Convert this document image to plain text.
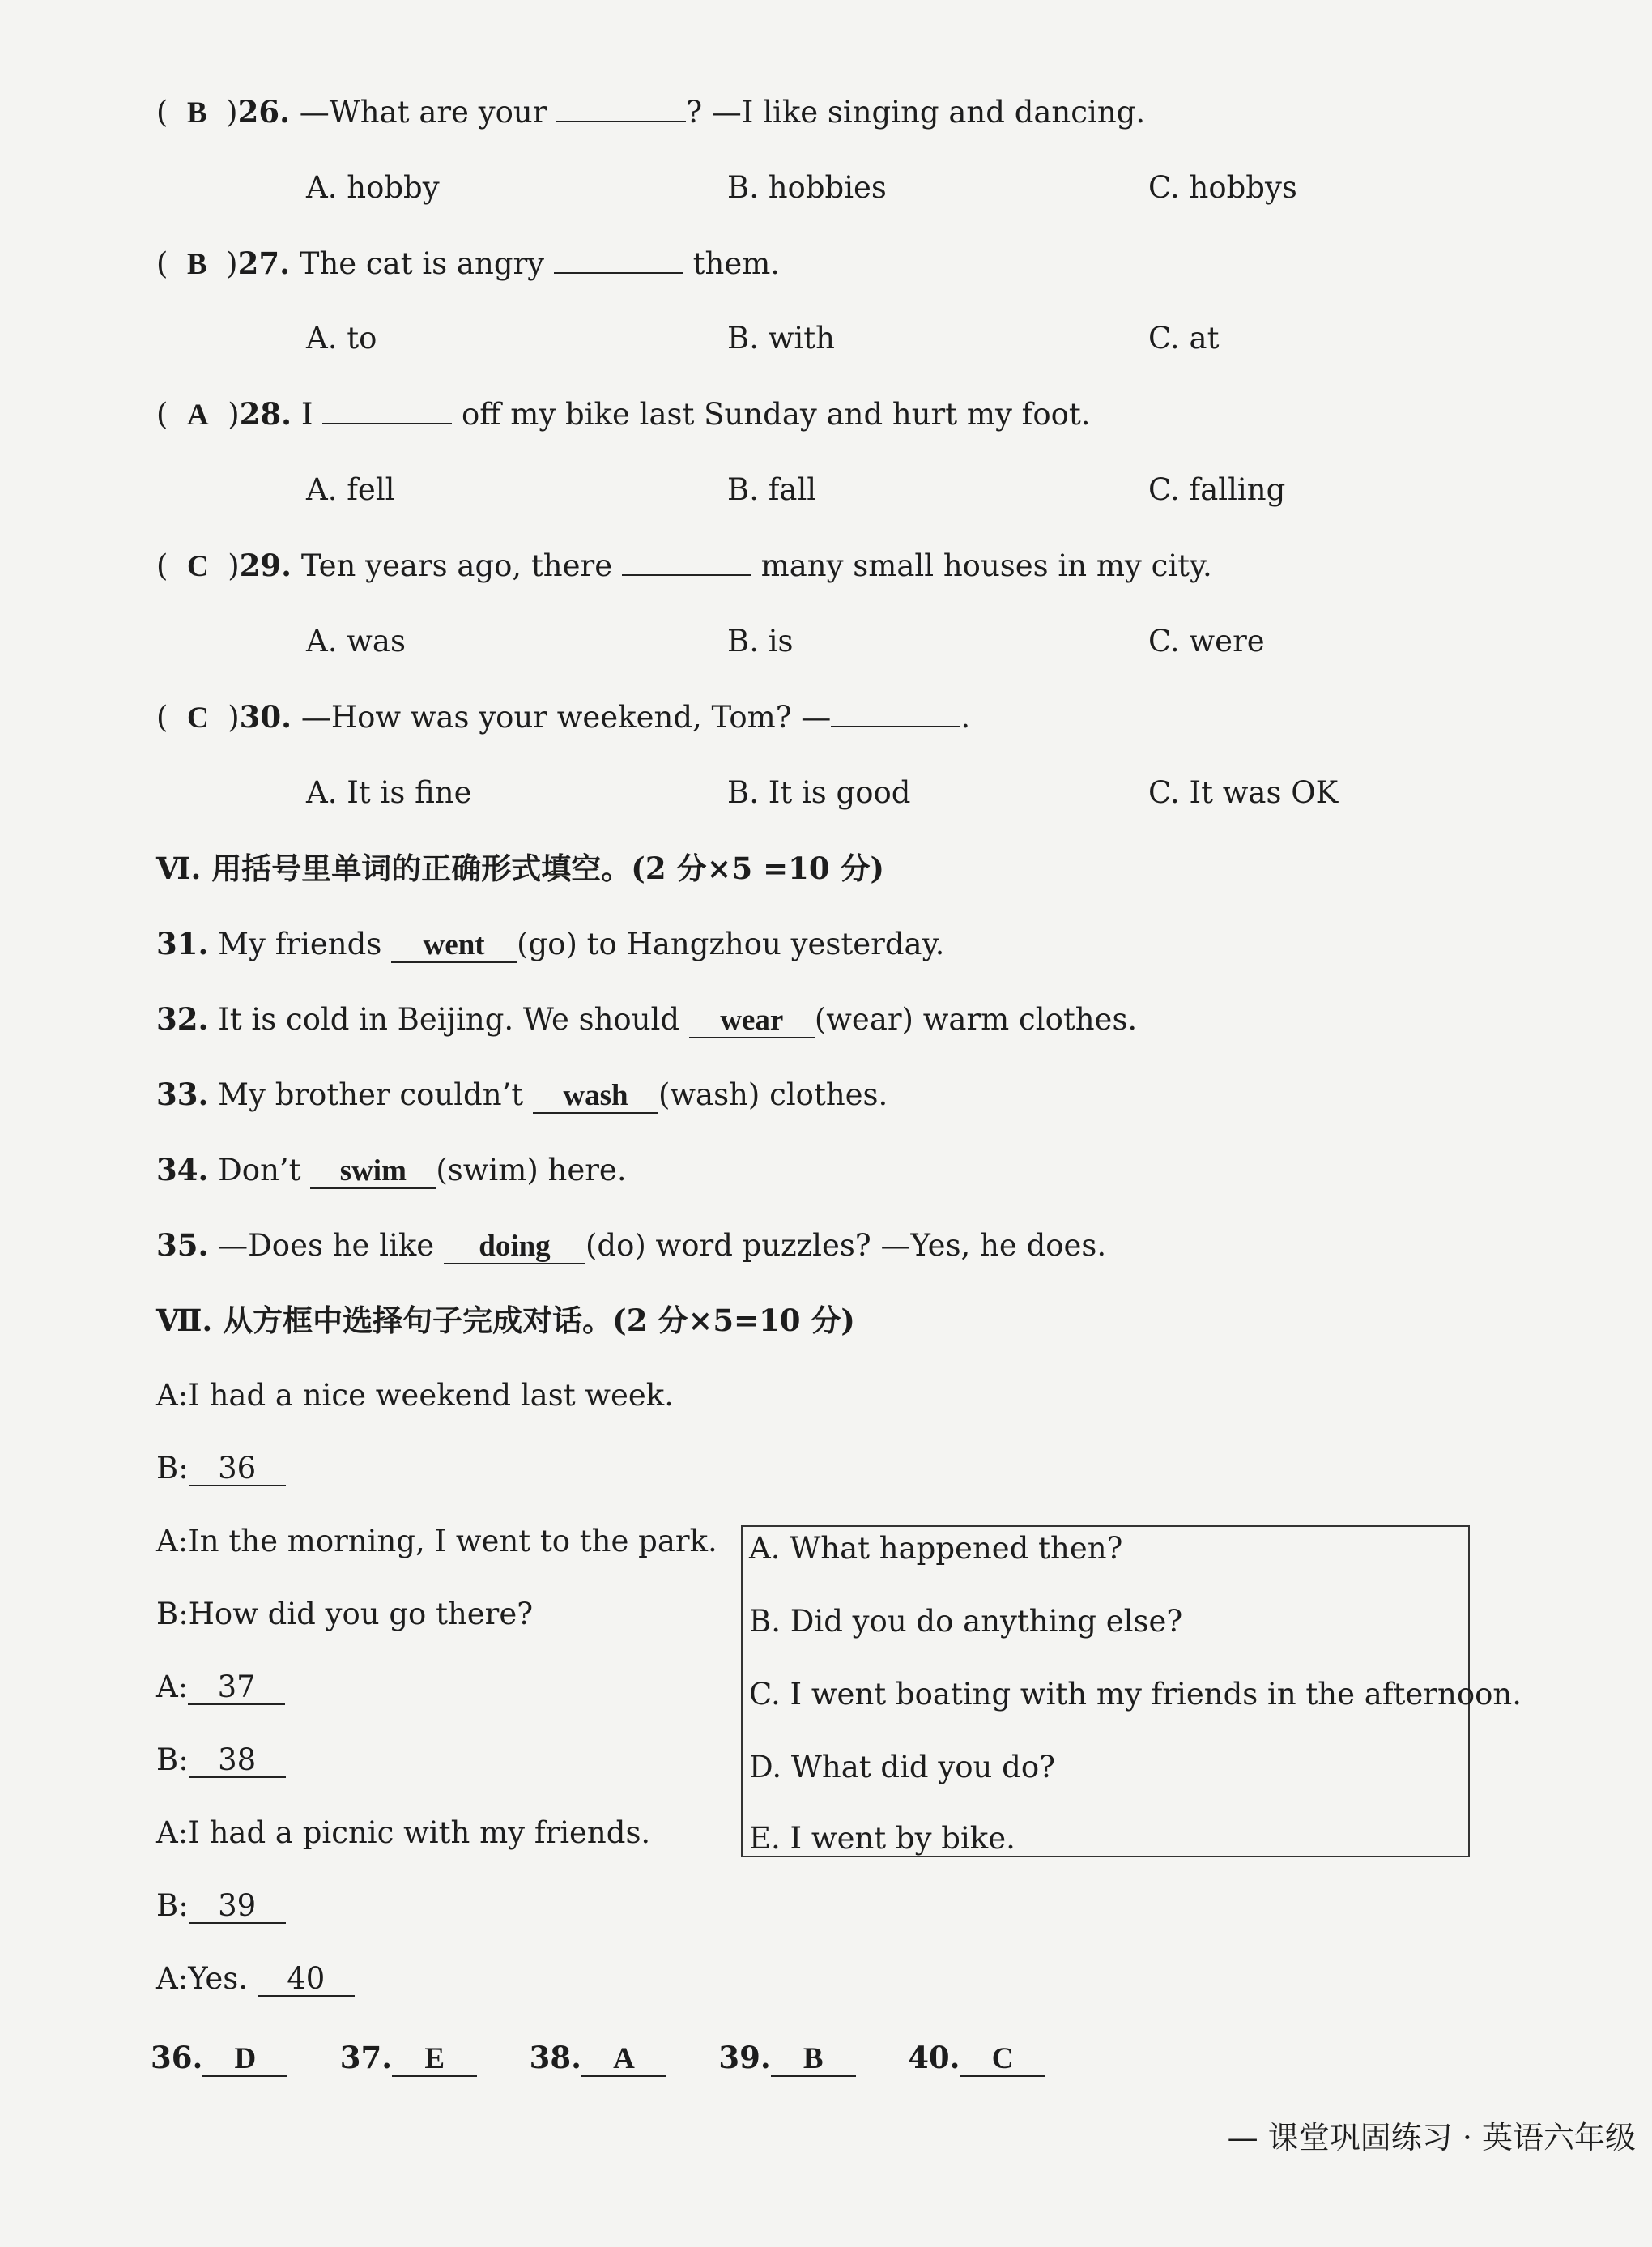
(  B  )26. —What are your	? —I like singing and dancing.
A. hobby	B. hobbies	C. hobbys
(  B  )27. The cat is angry	them.
A. to	B. with	C. at
(  A  )28. I	off my bike last Sunday and hurt my foot.
A. fell	B. fall	C. falling
(  C  )29. Ten years ago, there	many small houses in my city.
A. was	B. is	C. were
(  C  )30. —How was your weekend, Tom? —	.
A. It is fine	B. It is good	C. It was OK
Ⅵ. 用括号里单词的正确形式填空。(2 分×5 =10 分)
31. My friends went (go) to Hangzhou yesterday.
32. It is cold in Beijing. We should wear (wear) warm clothes.
33. My brother couldn’t wash (wash) clothes.
34. Don’t swim (swim) here.
35. —Does he like doing (do) word puzzles? —Yes, he does.
Ⅶ. 从方框中选择句子完成对话。(2 分×5=10 分)
A:I had a nice weekend last week.
B: 36
A:In the morning, I went to the park.
B:How did you go there?
A: 37
B: 38
A:I had a picnic with my friends.
B: 39
A:Yes. 40
A. What happened then?
B. Did you do anything else?
C. I went boating with my friends in the afternoon.
D. What did you do?
E. I went by bike.
36. D	37. E	38. A	39. B	40. C
— 课堂巩固练习 · 英语六年级
